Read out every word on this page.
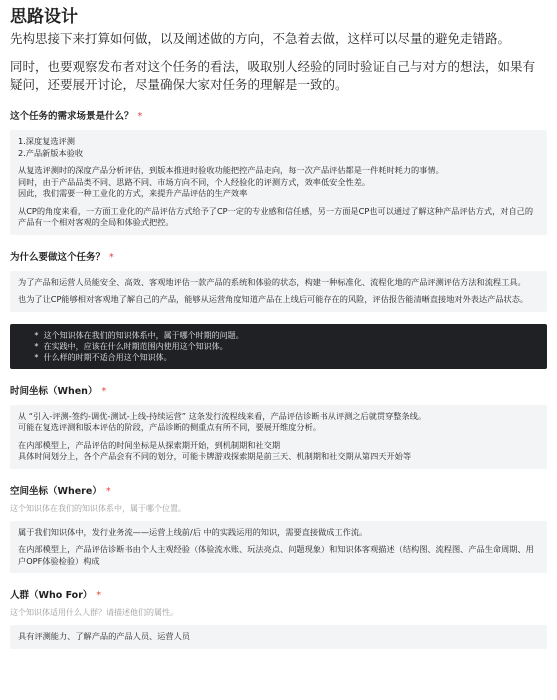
思路设计

先构思接下来打算如何做，以及阐述做的方向，不急着去做，这样可以尽量的避免走错路。

同时，也要观察发布者对这个任务的看法，吸取别人经验的同时验证自己与对方的想法，如果有疑问，还要展开讨论，尽量确保大家对任务的理解是一致的。

这个任务的需求场景是什么？ *

1.深度复选评测

2.产品新版本验收

从复选评测时的深度产品分析评估，到版本推进时验收功能把控产品走向，每一次产品评估都是一件耗时耗力的事情。

同时，由于产品品类不同、思路不同、市场方向不同，个人经验化的评测方式，效率低安全性差。

因此，我们需要一种工业化的方式，来提升产品评估的生产效率

从CP的角度来看，一方面工业化的产品评估方式给予了CP一定的专业感和信任感，另一方面是CP也可以通过了解这种产品评估方式，对自己的产品有一个相对客观的全局和体验式把控。

为什么要做这个任务？ *

为了产品和运营人员能安全、高效、客观地评估一款产品的系统和体验的状态，构建一种标准化、流程化地的产品评测评估方法和流程工具。

也为了让CP能够相对客观地了解自己的产品，能够从运营角度知道产品在上线后可能存在的风险，评估报告能清晰直接地对外表达产品状态。

* 这个知识体在我们的知识体系中，属于哪个时期的问题。
* 在实践中，应该在什么时期范围内使用这个知识体。
* 什么样的时期不适合用这个知识体。
时间坐标（When） *

从 “引入-评测-签约-调优-测试-上线-持续运营” 这条发行流程线来看，产品评估诊断书从评测之后就贯穿整条线。

可能在复选评测和版本评估的阶段，产品诊断的侧重点有所不同，要展开维度分析。

在内部模型上，产品评估的时间坐标是从探索期开始，到机制期和社交期

具体时间划分上，各个产品会有不同的划分，可能卡牌游戏探索期是前三天、机制期和社交期从第四天开始等

空间坐标（Where） *
这个知识体在我们的知识体系中，属于哪个位置。

属于我们知识体中，发行业务流——运营上线前/后 中的实践运用的知识，需要直接做成工作流。

在内部模型上，产品评估诊断书由个人主观经验（体验流水账、玩法亮点、问题现象）和知识体客观描述（结构图、流程图、产品生命周期、用户OPF体验检验）构成

人群（Who For） *
这个知识体适用什么人群？请描述他们的属性。

具有评测能力、了解产品的产品人员、运营人员
